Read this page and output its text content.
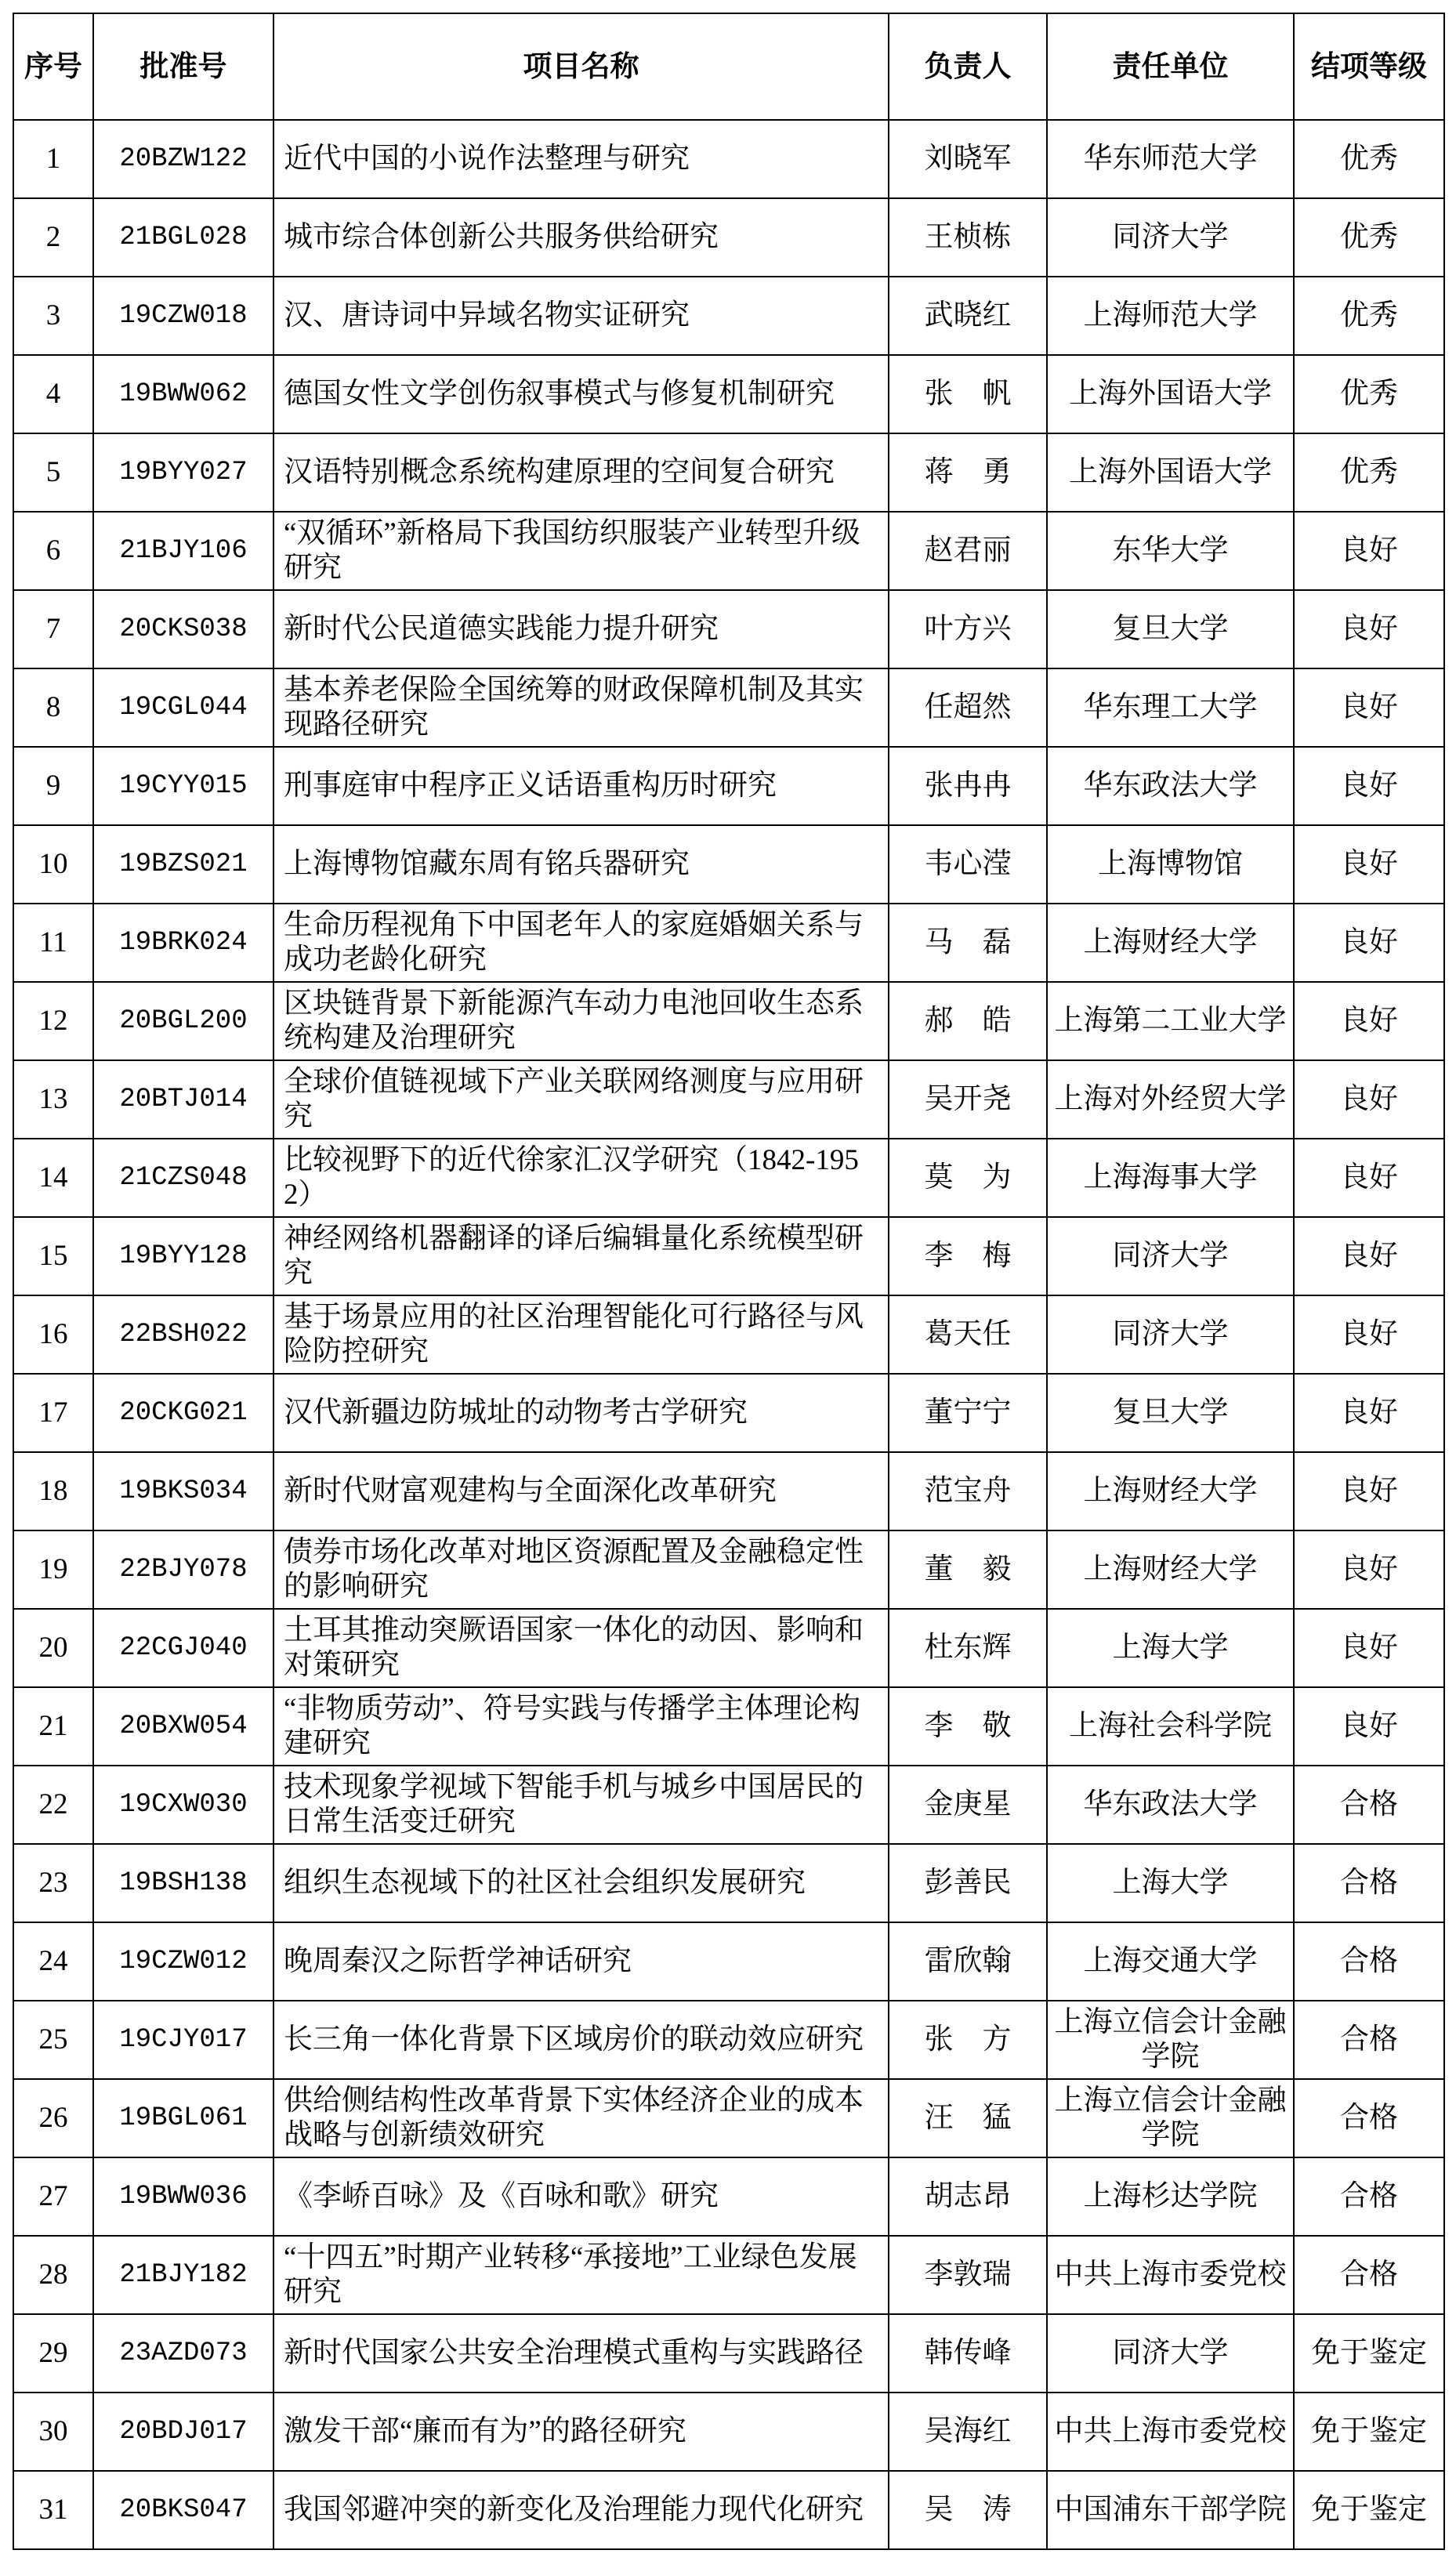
序号	批准号	项目名称	负责人	责任单位	结项等级
1	20BZW122	近代中国的小说作法整理与研究	刘晓军	华东师范大学	优秀
2	21BGL028	城市综合体创新公共服务供给研究	王桢栋	同济大学	优秀
3	19CZW018	汉、唐诗词中异域名物实证研究	武晓红	上海师范大学	优秀
4	19BWW062	德国女性文学创伤叙事模式与修复机制研究	张　帆	上海外国语大学	优秀
5	19BYY027	汉语特别概念系统构建原理的空间复合研究	蒋　勇	上海外国语大学	优秀
6	21BJY106	“双循环”新格局下我国纺织服装产业转型升级研究	赵君丽	东华大学	良好
7	20CKS038	新时代公民道德实践能力提升研究	叶方兴	复旦大学	良好
8	19CGL044	基本养老保险全国统筹的财政保障机制及其实现路径研究	任超然	华东理工大学	良好
9	19CYY015	刑事庭审中程序正义话语重构历时研究	张冉冉	华东政法大学	良好
10	19BZS021	上海博物馆藏东周有铭兵器研究	韦心滢	上海博物馆	良好
11	19BRK024	生命历程视角下中国老年人的家庭婚姻关系与成功老龄化研究	马　磊	上海财经大学	良好
12	20BGL200	区块链背景下新能源汽车动力电池回收生态系统构建及治理研究	郝　皓	上海第二工业大学	良好
13	20BTJ014	全球价值链视域下产业关联网络测度与应用研究	吴开尧	上海对外经贸大学	良好
14	21CZS048	比较视野下的近代徐家汇汉学研究（1842-1952）	莫　为	上海海事大学	良好
15	19BYY128	神经网络机器翻译的译后编辑量化系统模型研究	李　梅	同济大学	良好
16	22BSH022	基于场景应用的社区治理智能化可行路径与风险防控研究	葛天任	同济大学	良好
17	20CKG021	汉代新疆边防城址的动物考古学研究	董宁宁	复旦大学	良好
18	19BKS034	新时代财富观建构与全面深化改革研究	范宝舟	上海财经大学	良好
19	22BJY078	债券市场化改革对地区资源配置及金融稳定性的影响研究	董　毅	上海财经大学	良好
20	22CGJ040	土耳其推动突厥语国家一体化的动因、影响和对策研究	杜东辉	上海大学	良好
21	20BXW054	“非物质劳动”、符号实践与传播学主体理论构建研究	李　敬	上海社会科学院	良好
22	19CXW030	技术现象学视域下智能手机与城乡中国居民的日常生活变迁研究	金庚星	华东政法大学	合格
23	19BSH138	组织生态视域下的社区社会组织发展研究	彭善民	上海大学	合格
24	19CZW012	晚周秦汉之际哲学神话研究	雷欣翰	上海交通大学	合格
25	19CJY017	长三角一体化背景下区域房价的联动效应研究	张　方	上海立信会计金融学院	合格
26	19BGL061	供给侧结构性改革背景下实体经济企业的成本战略与创新绩效研究	汪　猛	上海立信会计金融学院	合格
27	19BWW036	《李峤百咏》及《百咏和歌》研究	胡志昂	上海杉达学院	合格
28	21BJY182	“十四五”时期产业转移“承接地”工业绿色发展研究	李敦瑞	中共上海市委党校	合格
29	23AZD073	新时代国家公共安全治理模式重构与实践路径	韩传峰	同济大学	免于鉴定
30	20BDJ017	激发干部“廉而有为”的路径研究	吴海红	中共上海市委党校	免于鉴定
31	20BKS047	我国邻避冲突的新变化及治理能力现代化研究	吴　涛	中国浦东干部学院	免于鉴定
